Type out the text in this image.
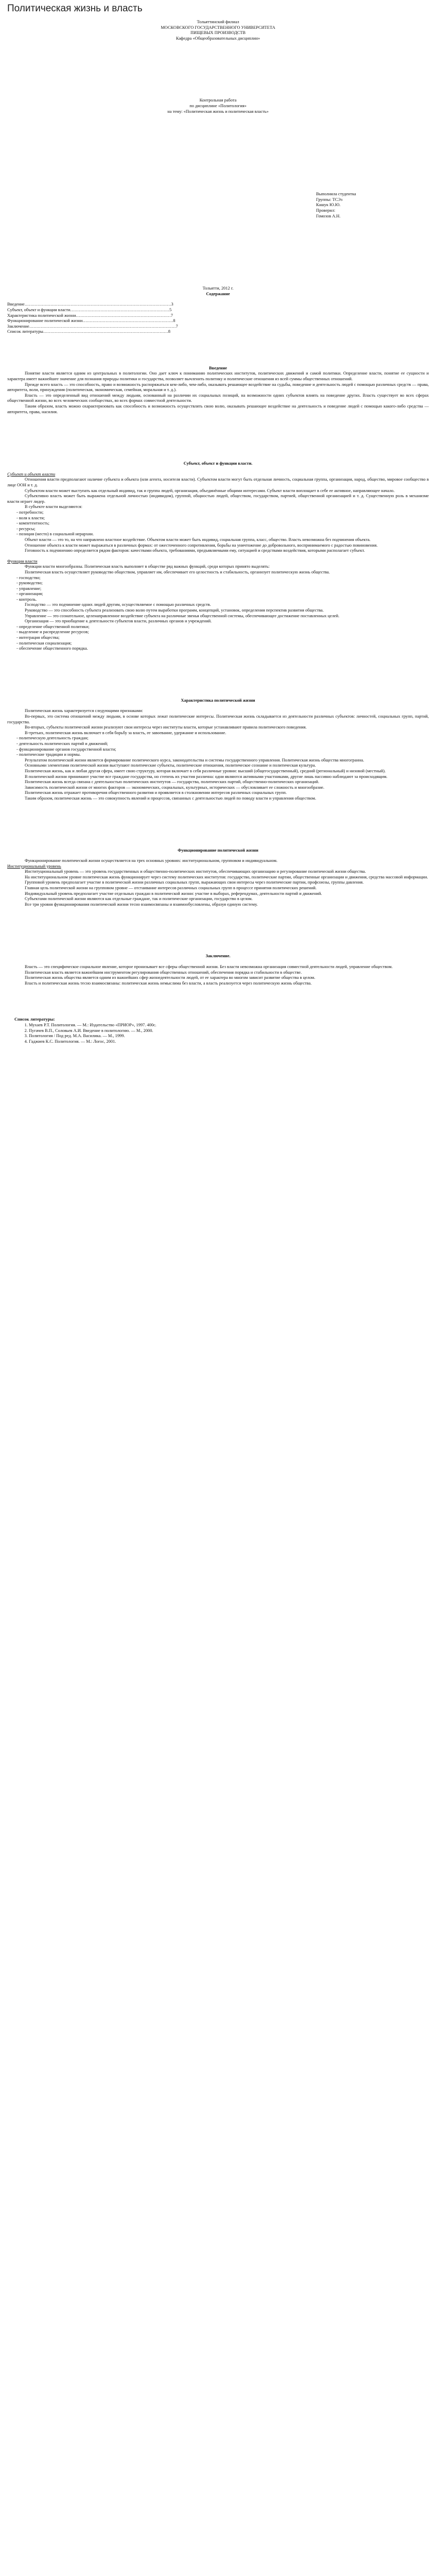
Политическая жизнь и власть

Тольяттинский филиал

МОСКОВСКОГО ГОСУДАРСТВЕННОГО УНИВЕРСИТЕТА

ПИЩЕВЫХ ПРОИЗВОДСТВ

Кафедра «Общеобразовательных дисциплин»

Контрольная работа

по дисциплине «Политология»

на тему: «Политическая жизнь и политическая власть»

Выполнила студентка

Группы: ТСЭз

Кашук Ю.Ю.

Проверил:

Гомозов А.Н.

Тольятти, 2012 г.

Содержание

Введение…………………………………………………………………………………………3

Субъект, объект и функции власти……………………………………………………………5

Характеристика политической жизни…………………………………………………………7

Функционирование политической жизни………………………………………………………8

Заключение…………………………………………………………………………………………7

Список литературы……………………………………………………………………………8

Введение

Понятие власти является одним из центральных в политологии. Оно дает ключ к пониманию политических институтов, политических движений и самой политики. Определение власти, понятие ее сущности и характера имеет важнейшее значение для познания природы политики и государства, позволяет вычленить политику и политические отношения из всей суммы общественных отношений.

Прежде всего власть — это способность, право и возможность распоряжаться кем-либо, чем-либо, оказывать решающее воздействие на судьбы, поведение и деятельность людей с помощью различных средств — права, авторитета, воли, принуждения (политическая, экономическая, семейная, моральная и т. д.).

Власть — это определенный вид отношений между людьми, основанный на различии их социальных позиций, на возможности одних субъектов влиять на поведение других. Власть существует во всех сферах общественной жизни, во всех человеческих сообществах, во всех формах совместной деятельности.

Таким образом, власть можно охарактеризовать как способность и возможность осуществлять свою волю, оказывать решающее воздействие на деятельность и поведение людей с помощью какого-либо средства — авторитета, права, насилия.

Субъект, объект и функции власти.

Субъект и объект власти

Отношения власти предполагают наличие субъекта и объекта (или агента, носителя власти). Субъектом власти могут быть отдельная личность, социальная группа, организация, народ, общество, мировое сообщество в лице ООН и т. д.

Субъектом власти может выступать как отдельный индивид, так и группа людей, организация, объединённые общими интересами. Субъект власти воплощает в себе ее активное, направляющее начало.

Субъективно власть может быть выражена отдельной личностью (индивидом), группой, общностью людей, обществом, государством, партией, общественной организацией и т. д. Существенную роль в механизме власти играет лидер.

В субъекте власти выделяются:

- потребности;
- воля к власти;
- компетентность;
- ресурсы;
- позиция (место) в социальной иерархии.

Объект власти — это то, на что направлено властное воздействие. Объектом власти может быть индивид, социальная группа, класс, общество. Власть невозможна без подчинения объекта.

Отношение объекта к власти может выражаться в различных формах: от ожесточенного сопротивления, борьбы на уничтожение до добровольного, воспринимаемого с радостью повиновения.

Готовность к подчинению определяется рядом факторов: качествами объекта, требованиями, предъявляемыми ему, ситуацией и средствами воздействия, которыми располагает субъект.

Функции власти

Функции власти многообразны. Политическая власть выполняет в обществе ряд важных функций, среди которых принято выделять:

Политическая власть осуществляет руководство обществом, управляет им, обеспечивает его целостность и стабильность, организует политическую жизнь общества.

- господство;
- руководство;
- управление;
- организация;
- контроль.

Господство — это подчинение одних людей другим, осуществляемое с помощью различных средств.

Руководство — это способность субъекта реализовать свою волю путем выработки программ, концепций, установок, определения перспектив развития общества.

Управление — это сознательное, целенаправленное воздействие субъекта на различные звенья общественной системы, обеспечивающее достижение поставленных целей.

Организация — это приобщение к деятельности субъектов власти, различных органов и учреждений.

- определение общественной политики;
- выделение и распределение ресурсов;
- интеграция общества;
- политическая социализация;
- обеспечение общественного порядка.

Характеристика политической жизни

Политическая жизнь характеризуется следующими признаками:

Во-первых, это система отношений между людьми, в основе которых лежат политические интересы. Политическая жизнь складывается из деятельности различных субъектов: личностей, социальных групп, партий, государства.

Во-вторых, субъекты политической жизни реализуют свои интересы через институты власти, которые устанавливают правила политического поведения.

В-третьих, политическая жизнь включает в себя борьбу за власть, ее завоевание, удержание и использование.

- политическую деятельность граждан;
- деятельность политических партий и движений;
- функционирование органов государственной власти;
- политические традиции и нормы.

Результатом политической жизни является формирование политического курса, законодательства и системы государственного управления. Политическая жизнь общества многогранна.

Основными элементами политической жизни выступают политические субъекты, политические отношения, политическое сознание и политическая культура.

Политическая жизнь, как и любая другая сфера, имеет свою структуру, которая включает в себя различные уровни: высший (общегосударственный), средний (региональный) и низовой (местный).

В политической жизни принимают участие все граждане государства, но степень их участия различна: одни являются активными участниками, другие лишь пассивно наблюдают за происходящим.

Политическая жизнь всегда связана с деятельностью политических институтов — государства, политических партий, общественно-политических организаций.

Зависимость политической жизни от многих факторов — экономических, социальных, культурных, исторических — обусловливает ее сложность и многообразие.

Политическая жизнь отражает противоречия общественного развития и проявляется в столкновении интересов различных социальных групп.

Таким образом, политическая жизнь — это совокупность явлений и процессов, связанных с деятельностью людей по поводу власти и управления обществом.

Функционирование политической жизни

Функционирование политической жизни осуществляется на трех основных уровнях: институциональном, групповом и индивидуальном.

Институциональный уровень

Институциональный уровень — это уровень государственных и общественно-политических институтов, обеспечивающих организацию и регулирование политической жизни общества.

На институциональном уровне политическая жизнь функционирует через систему политических институтов: государство, политические партии, общественные организации и движения, средства массовой информации.

Групповой уровень предполагает участие в политической жизни различных социальных групп, выражающих свои интересы через политические партии, профсоюзы, группы давления.

Главная цель политической жизни на групповом уровне — отстаивание интересов различных социальных групп в процессе принятия политических решений.

Индивидуальный уровень предполагает участие отдельных граждан в политической жизни: участие в выборах, референдумах, деятельности партий и движений.

Субъектами политической жизни являются как отдельные граждане, так и политические организации, государство в целом.

Все три уровня функционирования политической жизни тесно взаимосвязаны и взаимообусловлены, образуя единую систему.

Заключение.

Власть — это специфическое социальное явление, которое пронизывает все сферы общественной жизни. Без власти невозможна организация совместной деятельности людей, управление обществом.

Политическая власть является важнейшим инструментом регулирования общественных отношений, обеспечения порядка и стабильности в обществе.

Политическая жизнь общества является одним из важнейших сфер жизнедеятельности людей, от ее характера во многом зависит развитие общества в целом.

Власть и политическая жизнь тесно взаимосвязаны: политическая жизнь немыслима без власти, а власть реализуется через политическую жизнь общества.

Список литературы:

1. Мухаев Р.Т. Политология. — М.: Издательство «ПРИОР», 1997. 400с.
2. Пугачев В.П., Соловьев А.И. Введение в политологию. — М., 2000.
3. Политология / Под ред. М.А. Василика. — М., 1999.
4. Гаджиев К.С. Политология. — М.: Логос, 2001.
